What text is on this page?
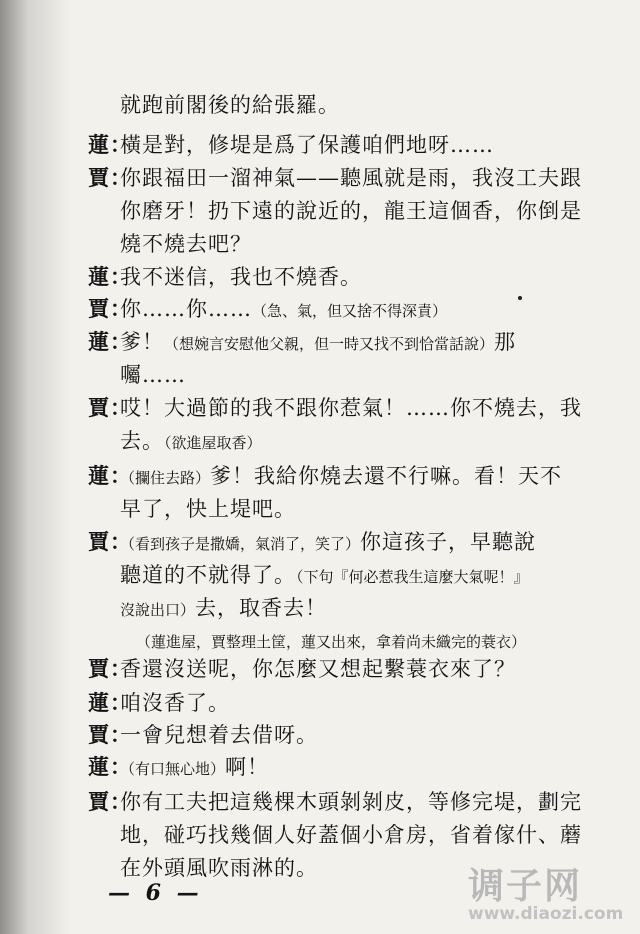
就跑前閣後的給張羅。
蓮：
橫是對，修堤是爲了保護咱們地呀……
賈：
你跟福田一溜神氣——聽風就是雨，我沒工夫跟
你磨牙！扔下遠的說近的，龍王這個香，你倒是
燒不燒去吧？
蓮：
我不迷信，我也不燒香。
賈：
你……你……（急、氣，但又捨不得深責）
蓮：
爹！（想婉言安慰他父親，但一時又找不到恰當話說）那
囑……
賈：
哎！大過節的我不跟你惹氣！……你不燒去，我
去。（欲進屋取香）
蓮：
（攔住去路）爹！我給你燒去還不行嘛。看！天不
早了，快上堤吧。
賈：
（看到孩子是撒嬌，氣消了，笑了）你這孩子，早聽說
聽道的不就得了。（下句『何必惹我生這麼大氣呢！』
沒說出口）去，取香去！
（蓮進屋，賈整理土筐，蓮又出來，拿着尚未織完的蓑衣）
賈：
香還沒送呢，你怎麼又想起繫蓑衣來了？
蓮：
咱沒香了。
賈：
一會兒想着去借呀。
蓮：
（有口無心地）啊！
賈：
你有工夫把這幾棵木頭剝剝皮，等修完堤，劃完
地，碰巧找幾個人好蓋個小倉房，省着傢什、蘑
在外頭風吹雨淋的。
— 6 —	调子网
www.diaozi.com
